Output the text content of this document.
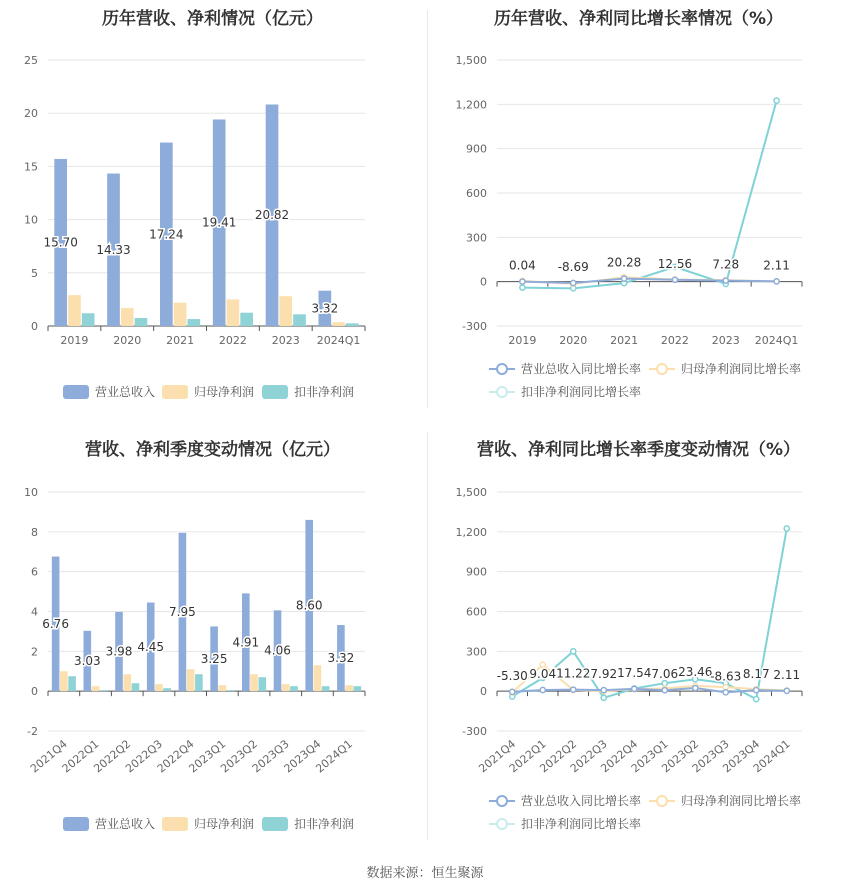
历年营收、净利情况（亿元）
0
5
10
15
20
25
2019 2020 2021 2022 2023 2024Q1
15.70
14.33
17.24
19.41
20.82
3.32
营业总收入	归母净利润	扣非净利润
历年营收、净利同比增长率情况（%）
-300
0
300
600
900
1,200
1,500
2019 2020 2021 2022 2023 2024Q1
0.04 -8.69 20.28 12.56 7.28 2.11
营业总收入同比增长率	归母净利润同比增长率
扣非净利润同比增长率
营收、净利季度变动情况（亿元）
-2
0
2
4
6
8
10
2021Q4
2022Q1
2022Q2
2022Q3
2022Q4
2023Q1
2023Q2
2023Q3
2023Q4
2024Q1
6.76
3.03
3.98 4.45
7.95
3.25
4.91
4.06
8.60
3.32
营业总收入	归母净利润	扣非净利润
营收、净利同比增长率季度变动情况（%）
-300
0
300
600
900
1,200
1,500
2021Q4
2022Q1
2022Q2
2022Q3
2022Q4
2023Q1
2023Q2
2023Q3
2023Q4
2024Q1
-5.30 9.04 11.22 7.92 17.54 7.06 23.46
-8.63 8.17 2.11
营业总收入同比增长率	归母净利润同比增长率
扣非净利润同比增长率
数据来源：恒生聚源
